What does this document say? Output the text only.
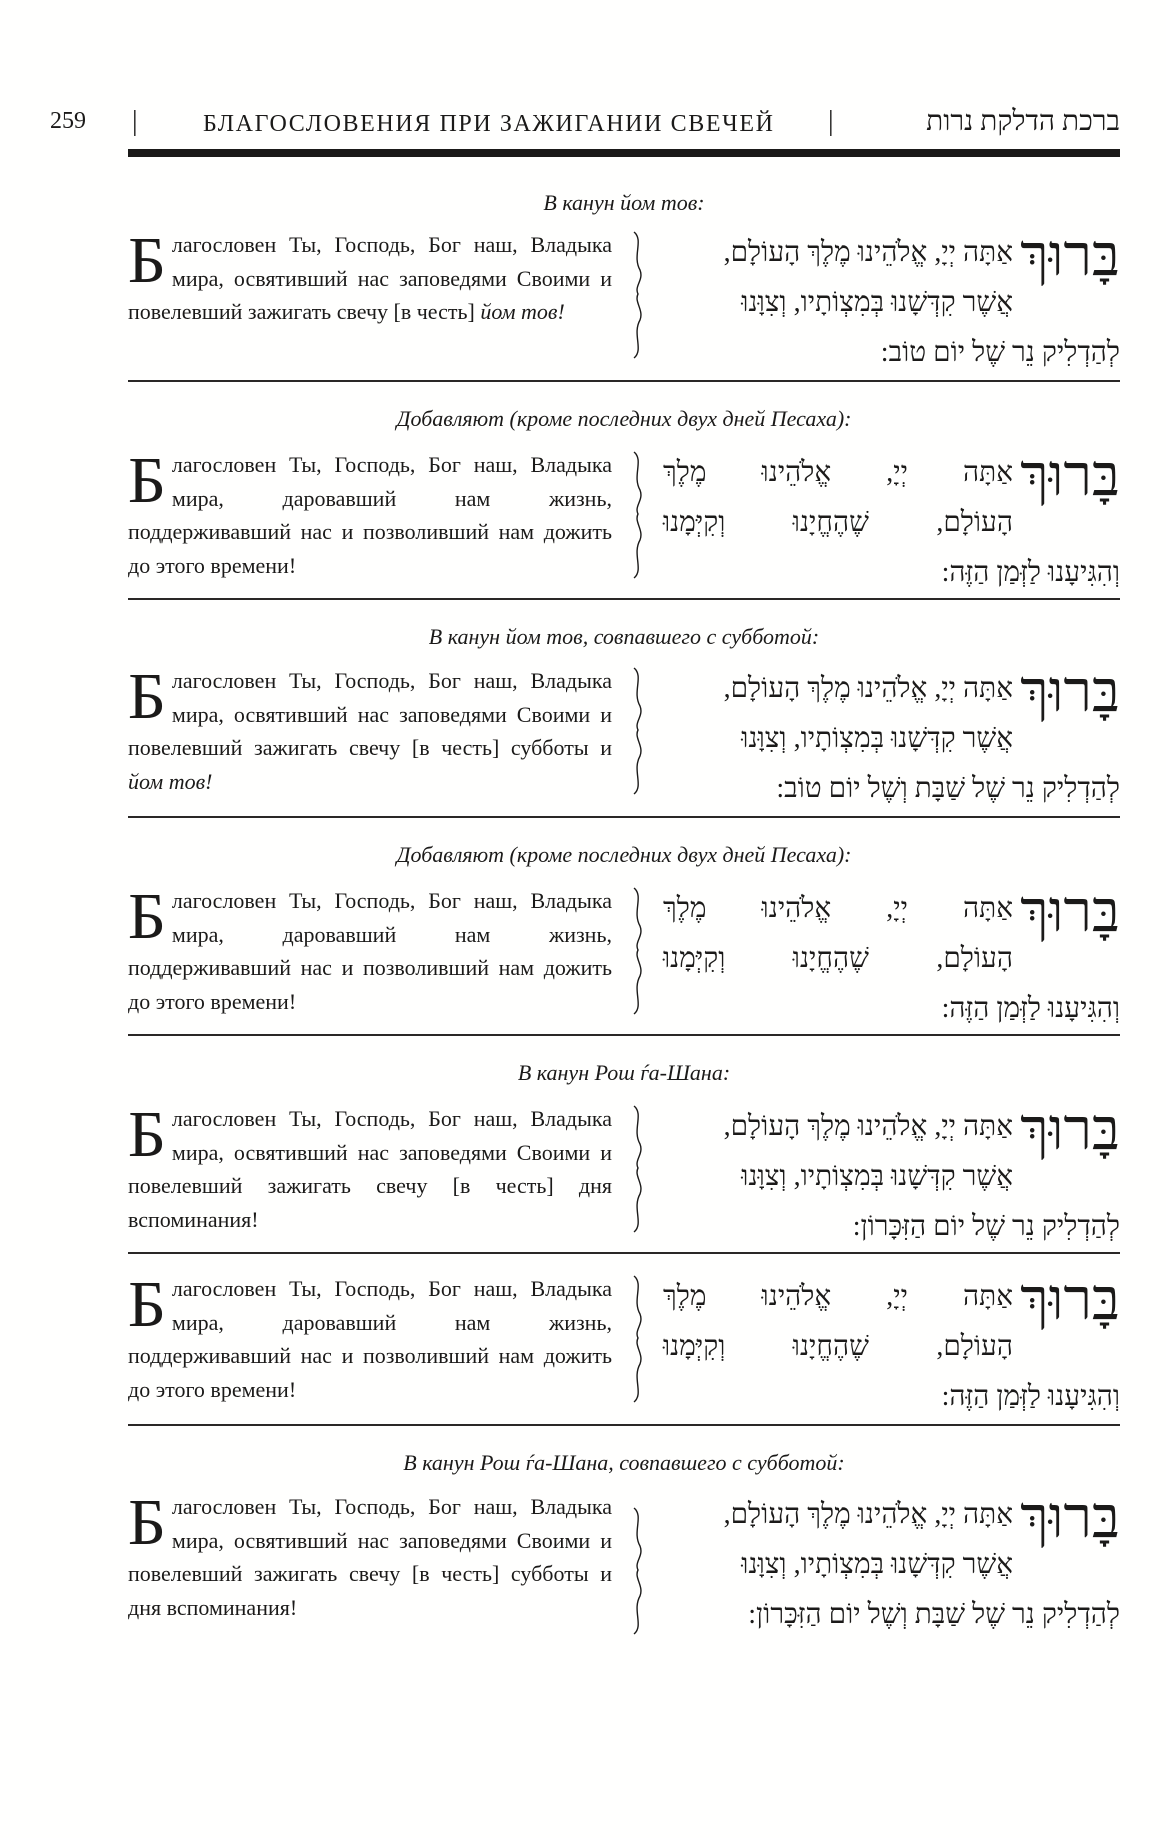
259 |	БЛАГОСЛОВЕНИЯ ПРИ ЗАЖИГАНИИ СВЕЧЕЙ |	ברכת הדלקת נרות
В канун йом тов:
Благословен Ты, Господь, Бог наш, Владыка мира, освятивший нас заповедями Своими и повелевший зажигать свечу [в честь] йом тов!
אַתָּה יְיָ, אֱלֹהֵינוּ מֶלֶךְ הָעוֹלָם,
אֲשֶׁר קִדְּשָׁנוּ בְּמִצְוֹתָיו, וְצִוָּנוּ
בָּרוּךְ
לְהַדְלִיק נֵר שֶׁל יוֹם טוֹב:
Добавляют (кроме последних двух дней Песаха):
Благословен Ты, Господь, Бог наш, Владыка мира, даровавший нам жизнь, поддерживавший нас и позволивший нам дожить до этого времени!
אַתָּה
יְיָ,
אֱלֹהֵינוּ
מֶלֶךְ
הָעוֹלָם,
שֶׁהֶחֱיָנוּ
וְקִיְּמָנוּ
בָּרוּךְ
וְהִגִּיעָנוּ לַזְּמַן הַזֶּה:
В канун йом тов, совпавшего с субботой:
Благословен Ты, Господь, Бог наш, Владыка мира, освятивший нас заповедями Своими и повелевший зажигать свечу [в честь] субботы и йом тов!
אַתָּה יְיָ, אֱלֹהֵינוּ מֶלֶךְ הָעוֹלָם,
אֲשֶׁר קִדְּשָׁנוּ בְּמִצְוֹתָיו, וְצִוָּנוּ
בָּרוּךְ
לְהַדְלִיק נֵר שֶׁל שַׁבָּת וְשֶׁל יוֹם טוֹב:
Добавляют (кроме последних двух дней Песаха):
Благословен Ты, Господь, Бог наш, Владыка мира, даровавший нам жизнь, поддерживавший нас и позволивший нам дожить до этого времени!
אַתָּה
יְיָ,
אֱלֹהֵינוּ
מֶלֶךְ
הָעוֹלָם,
שֶׁהֶחֱיָנוּ
וְקִיְּמָנוּ
בָּרוּךְ
וְהִגִּיעָנוּ לַזְּמַן הַזֶּה:
В канун Рош ѓа-Шана:
Благословен Ты, Господь, Бог наш, Владыка мира, освятивший нас заповедями Своими и повелевший зажигать свечу [в честь] дня вспоминания!
אַתָּה יְיָ, אֱלֹהֵינוּ מֶלֶךְ הָעוֹלָם,
אֲשֶׁר קִדְּשָׁנוּ בְּמִצְוֹתָיו, וְצִוָּנוּ
בָּרוּךְ
לְהַדְלִיק נֵר שֶׁל יוֹם הַזִּכָּרוֹן:
Благословен Ты, Господь, Бог наш, Владыка мира, даровавший нам жизнь, поддерживавший нас и позволивший нам дожить до этого времени!
אַתָּה
יְיָ,
אֱלֹהֵינוּ
מֶלֶךְ
הָעוֹלָם,
שֶׁהֶחֱיָנוּ
וְקִיְּמָנוּ
בָּרוּךְ
וְהִגִּיעָנוּ לַזְּמַן הַזֶּה:
В канун Рош ѓа-Шана, совпавшего с субботой:
Благословен Ты, Господь, Бог наш, Владыка мира, освятивший нас заповедями Своими и повелевший зажигать свечу [в честь] субботы и дня вспоминания!
אַתָּה יְיָ, אֱלֹהֵינוּ מֶלֶךְ הָעוֹלָם,
אֲשֶׁר קִדְּשָׁנוּ בְּמִצְוֹתָיו, וְצִוָּנוּ
בָּרוּךְ
לְהַדְלִיק נֵר שֶׁל שַׁבָּת וְשֶׁל יוֹם הַזִּכָּרוֹן:
